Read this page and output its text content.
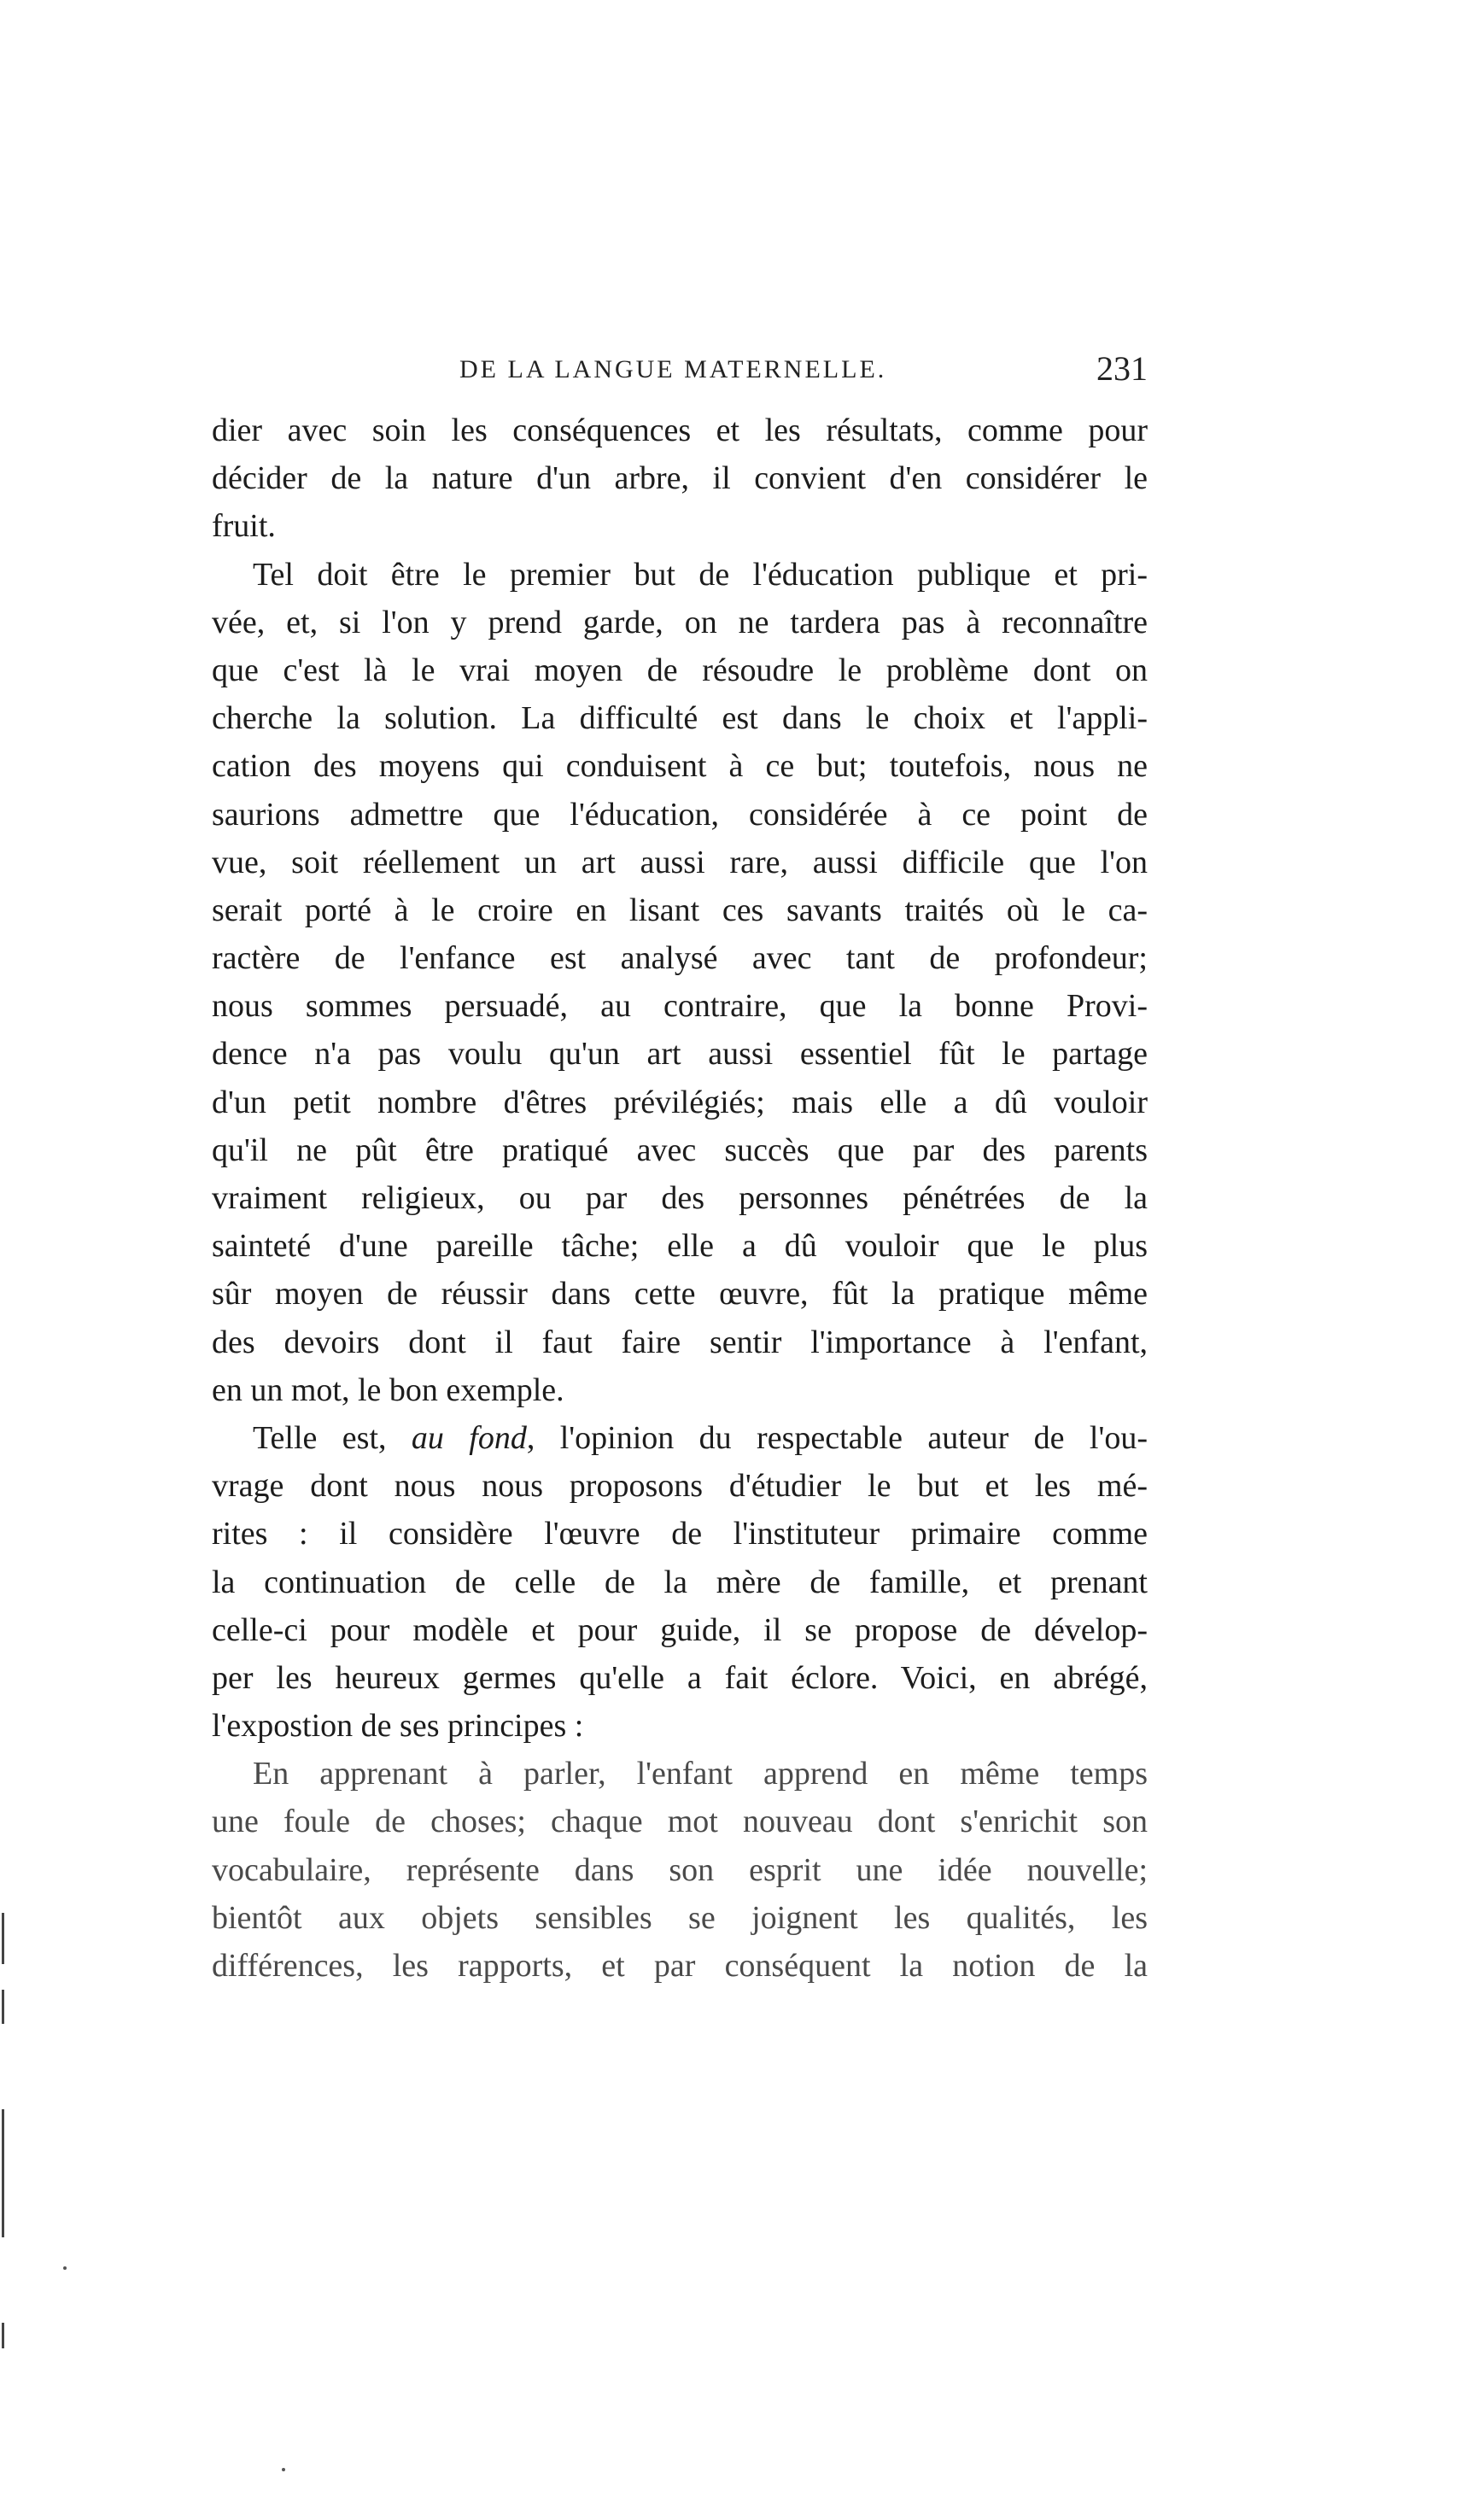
DE LA LANGUE MATERNELLE.	231
dier avec soin les conséquences et les résultats, comme pour
décider de la nature d'un arbre, il convient d'en considérer le
fruit.
Tel doit être le premier but de l'éducation publique et pri-
vée, et, si l'on y prend garde, on ne tardera pas à reconnaître
que c'est là le vrai moyen de résoudre le problème dont on
cherche la solution. La difficulté est dans le choix et l'appli-
cation des moyens qui conduisent à ce but; toutefois, nous ne
saurions admettre que l'éducation, considérée à ce point de
vue, soit réellement un art aussi rare, aussi difficile que l'on
serait porté à le croire en lisant ces savants traités où le ca-
ractère de l'enfance est analysé avec tant de profondeur;
nous sommes persuadé, au contraire, que la bonne Provi-
dence n'a pas voulu qu'un art aussi essentiel fût le partage
d'un petit nombre d'êtres prévilégiés; mais elle a dû vouloir
qu'il ne pût être pratiqué avec succès que par des parents
vraiment religieux, ou par des personnes pénétrées de la
sainteté d'une pareille tâche; elle a dû vouloir que le plus
sûr moyen de réussir dans cette œuvre, fût la pratique même
des devoirs dont il faut faire sentir l'importance à l'enfant,
en un mot, le bon exemple.
Telle est, au fond, l'opinion du respectable auteur de l'ou-
vrage dont nous nous proposons d'étudier le but et les mé-
rites : il considère l'œuvre de l'instituteur primaire comme
la continuation de celle de la mère de famille, et prenant
celle-ci pour modèle et pour guide, il se propose de dévelop-
per les heureux germes qu'elle a fait éclore. Voici, en abrégé,
l'expostion de ses principes :
En apprenant à parler, l'enfant apprend en même temps
une foule de choses; chaque mot nouveau dont s'enrichit son
vocabulaire, représente dans son esprit une idée nouvelle;
bientôt aux objets sensibles se joignent les qualités, les
différences, les rapports, et par conséquent la notion de la
